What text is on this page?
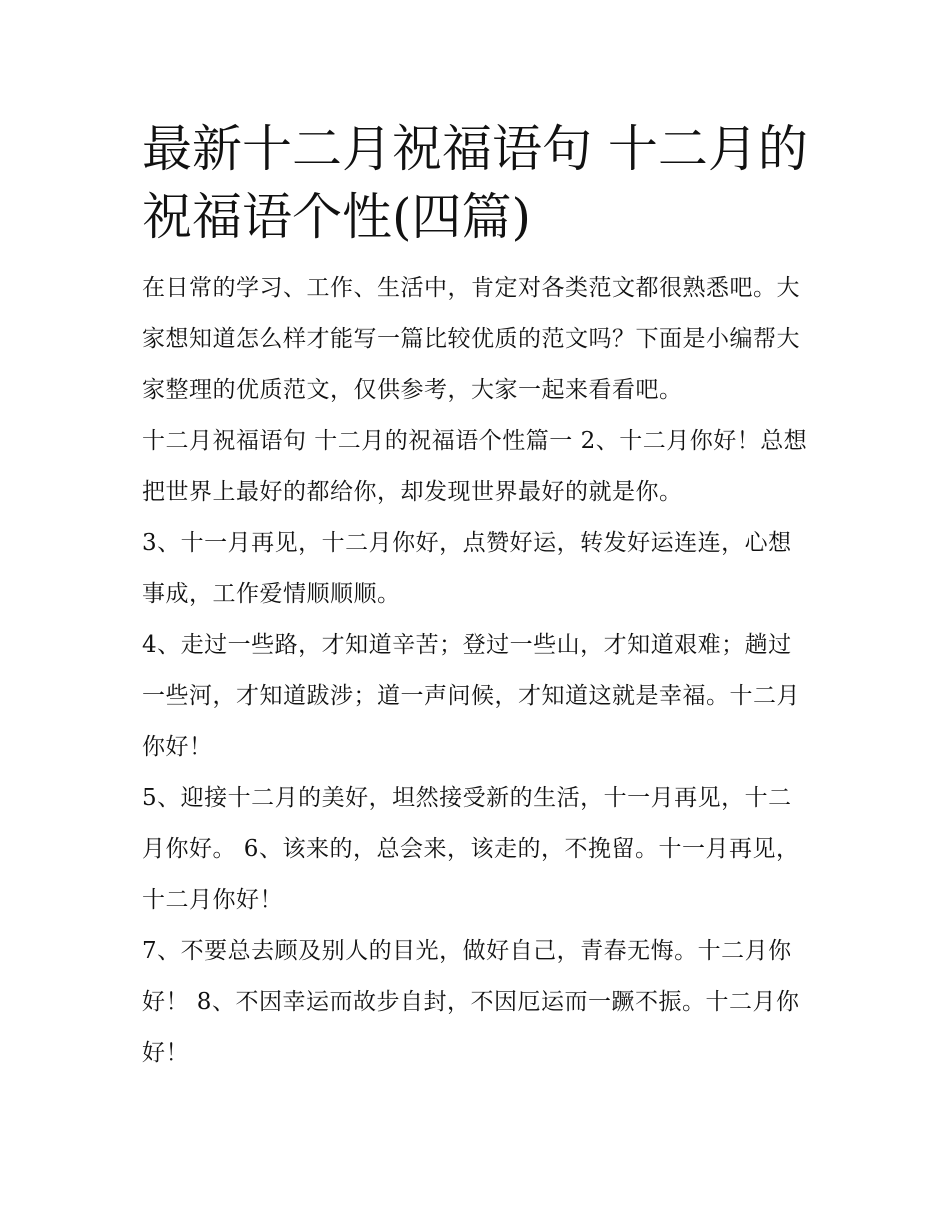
最新十二月祝福语句 十二月的祝福语个性(四篇)

在日常的学习、工作、生活中，肯定对各类范文都很熟悉吧。大家想知道怎么样才能写一篇比较优质的范文吗？下面是小编帮大家整理的优质范文，仅供参考，大家一起来看看吧。

十二月祝福语句 十二月的祝福语个性篇一 2、十二月你好！总想把世界上最好的都给你，却发现世界最好的就是你。

3、十一月再见，十二月你好，点赞好运，转发好运连连，心想事成，工作爱情顺顺顺。

4、走过一些路，才知道辛苦；登过一些山，才知道艰难；趟过一些河，才知道跋涉；道一声问候，才知道这就是幸福。十二月你好！

5、迎接十二月的美好，坦然接受新的生活，十一月再见，十二月你好。 6、该来的，总会来，该走的，不挽留。十一月再见，十二月你好！

7、不要总去顾及别人的目光，做好自己，青春无悔。十二月你好！ 8、不因幸运而故步自封，不因厄运而一蹶不振。十二月你好！
